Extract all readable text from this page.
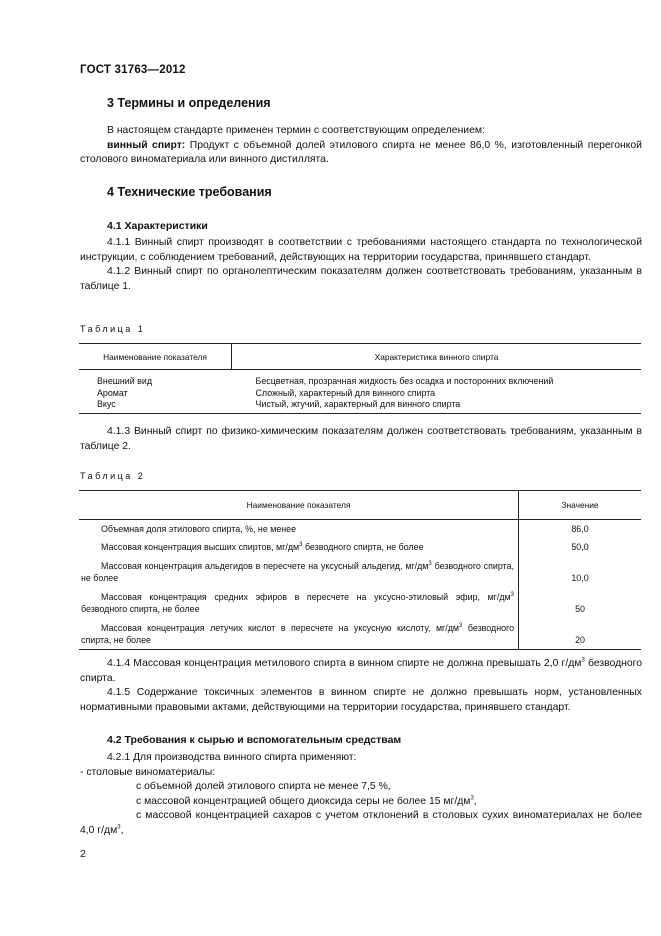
ГОСТ 31763—2012
3 Термины и определения
В настоящем стандарте применен термин с соответствующим определением:
винный спирт: Продукт с объемной долей этилового спирта не менее 86,0 %, изготовленный перегонкой столового виноматериала или винного дистиллята.
4 Технические требования
4.1 Характеристики
4.1.1 Винный спирт производят в соответствии с требованиями настоящего стандарта по технологической инструкции, с соблюдением требований, действующих на территории государства, принявшего стандарт.
4.1.2 Винный спирт по органолептическим показателям должен соответствовать требованиям, указанным в таблице 1.
Таблица 1
Наименование показателя	Характеристика винного спирта
Внешний вид	Бесцветная, прозрачная жидкость без осадка и посторонних включений
Аромат	Сложный, характерный для винного спирта
Вкус	Чистый, жгучий, характерный для винного спирта
4.1.3 Винный спирт по физико-химическим показателям должен соответствовать требованиям, указанным в таблице 2.
Таблица 2
Наименование показателя	Значение
Объемная доля этилового спирта, %, не менее	86,0
Массовая концентрация высших спиртов, $мг/дм^3$ безводного спирта, не более	50,0
Массовая концентрация альдегидов в пересчете на уксусный альдегид, $мг/дм^3$ безводного спирта, не более	10,0
Массовая концентрация средних эфиров в пересчете на уксусно-этиловый эфир, $мг/дм^3$ безводного спирта, не более	50
Массовая концентрация летучих кислот в пересчете на уксусную кислоту, $мг/дм^3$ безводного спирта, не более	20
4.1.4 Массовая концентрация метилового спирта в винном спирте не должна превышать 2,0 $г/дм^3$ безводного спирта.
4.1.5 Содержание токсичных элементов в винном спирте не должно превышать норм, установленных нормативными правовыми актами, действующими на территории государства, принявшего стандарт.
4.2 Требования к сырью и вспомогательным средствам
4.2.1 Для производства винного спирта применяют:
- столовые виноматериалы:
с объемной долей этилового спирта не менее 7,5 %,
с массовой концентрацией общего диоксида серы не более 15 $мг/дм^3$,
с массовой концентрацией сахаров с учетом отклонений в столовых сухих виноматериалах не более 4,0 $г/дм^3$,
2
